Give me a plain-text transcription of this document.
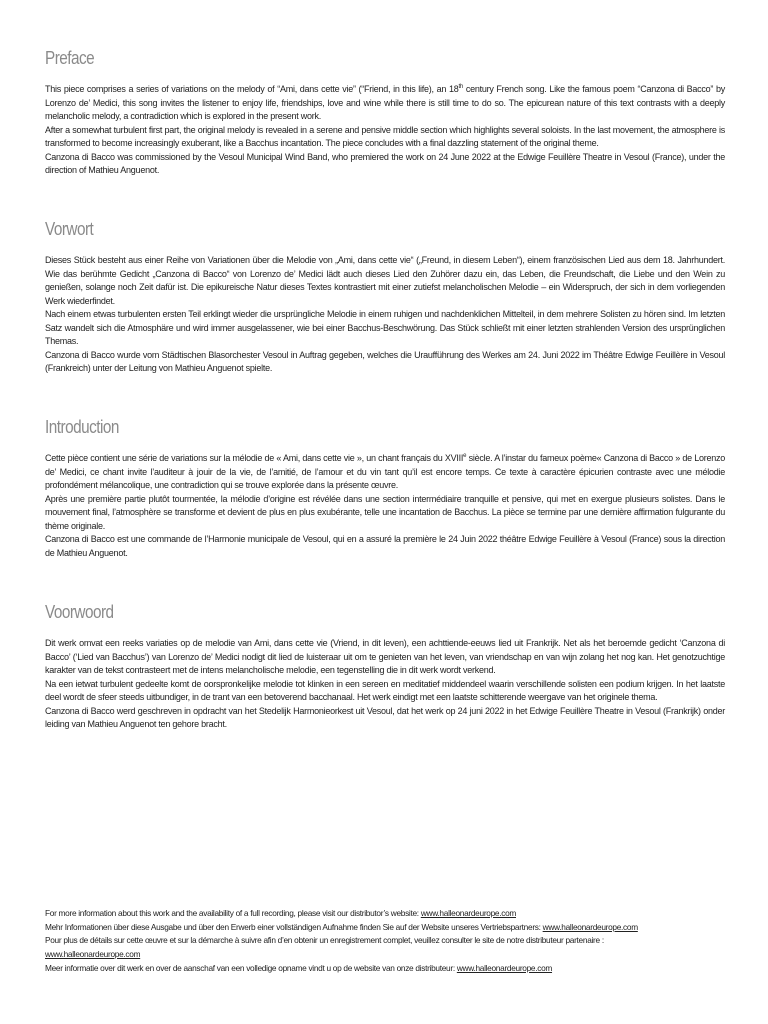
Preface

This piece comprises a series of variations on the melody of “Ami, dans cette vie” (“Friend, in this life), an 18th century French song. Like the famous poem “Canzona di Bacco” by Lorenzo de’ Medici, this song invites the listener to enjoy life, friendships, love and wine while there is still time to do so. The epicurean nature of this text contrasts with a deeply melancholic melody, a contradiction which is explored in the present work.

After a somewhat turbulent first part, the original melody is revealed in a serene and pensive middle section which highlights several soloists. In the last movement, the atmosphere is transformed to become increasingly exuberant, like a Bacchus incantation. The piece concludes with a final dazzling statement of the original theme.

Canzona di Bacco was commissioned by the Vesoul Municipal Wind Band, who premiered the work on 24 June 2022 at the Edwige Feuillère Theatre in Vesoul (France), under the direction of Mathieu Anguenot.

Vorwort

Dieses Stück besteht aus einer Reihe von Variationen über die Melodie von „Ami, dans cette vie“ („Freund, in diesem Leben“), einem französischen Lied aus dem 18. Jahrhundert. Wie das berühmte Gedicht „Canzona di Bacco“ von Lorenzo de’ Medici lädt auch dieses Lied den Zuhörer dazu ein, das Leben, die Freundschaft, die Liebe und den Wein zu genießen, solange noch Zeit dafür ist. Die epikureische Natur dieses Textes kontrastiert mit einer zutiefst melancholischen Melodie – ein Widerspruch, der sich in dem vorliegenden Werk wiederfindet.

Nach einem etwas turbulenten ersten Teil erklingt wieder die ursprüngliche Melodie in einem ruhigen und nachdenklichen Mittelteil, in dem mehrere Solisten zu hören sind. Im letzten Satz wandelt sich die Atmosphäre und wird immer ausgelassener, wie bei einer Bacchus-Beschwörung. Das Stück schließt mit einer letzten strahlenden Version des ursprünglichen Themas.

Canzona di Bacco wurde vom Städtischen Blasorchester Vesoul in Auftrag gegeben, welches die Uraufführung des Werkes am 24. Juni 2022 im Théâtre Edwige Feuillère in Vesoul (Frankreich) unter der Leitung von Mathieu Anguenot spielte.

Introduction

Cette pièce contient une série de variations sur la mélodie de « Ami, dans cette vie », un chant français du XVIIIe siècle. A l’instar du fameux poème« Canzona di Bacco » de Lorenzo de’ Medici, ce chant invite l’auditeur à jouir de la vie, de l’amitié, de l’amour et du vin tant qu’il est encore temps. Ce texte à caractère épicurien contraste avec une mélodie profondément mélancolique, une contradiction qui se trouve explorée dans la présente œuvre.

Après une première partie plutôt tourmentée, la mélodie d’origine est révélée dans une section intermédiaire tranquille et pensive, qui met en exergue plusieurs solistes. Dans le mouvement final, l’atmosphère se transforme et devient de plus en plus exubérante, telle une incantation de Bacchus. La pièce se termine par une dernière affirmation fulgurante du thème originale.

Canzona di Bacco est une commande de l’Harmonie municipale de Vesoul, qui en a assuré la première le 24 Juin 2022 théâtre Edwige Feuillère à Vesoul (France) sous la direction de Mathieu Anguenot.

Voorwoord

Dit werk omvat een reeks variaties op de melodie van Ami, dans cette vie (Vriend, in dit leven), een achttiende-eeuws lied uit Frankrijk. Net als het beroemde gedicht ‘Canzona di Bacco’ (‘Lied van Bacchus’) van Lorenzo de’ Medici nodigt dit lied de luisteraar uit om te genieten van het leven, van vriendschap en van wijn zolang het nog kan. Het genotzuchtige karakter van de tekst contrasteert met de intens melancholische melodie, een tegenstelling die in dit werk wordt verkend.

Na een ietwat turbulent gedeelte komt de oorspronkelijke melodie tot klinken in een sereen en meditatief middendeel waarin verschillende solisten een podium krijgen. In het laatste deel wordt de sfeer steeds uitbundiger, in de trant van een betoverend bacchanaal. Het werk eindigt met een laatste schitterende weergave van het originele thema.

Canzona di Bacco werd geschreven in opdracht van het Stedelijk Harmonieorkest uit Vesoul, dat het werk op 24 juni 2022 in het Edwige Feuillère Theatre in Vesoul (Frankrijk) onder leiding van Mathieu Anguenot ten gehore bracht.

For more information about this work and the availability of a full recording, please visit our distributor’s website: www.halleonardeurope.com

Mehr Informationen über diese Ausgabe und über den Erwerb einer vollständigen Aufnahme finden Sie auf der Website unseres Vertriebspartners: www.halleonardeurope.com

Pour plus de détails sur cette œuvre et sur la démarche à suivre afin d’en obtenir un enregistrement complet, veuillez consulter le site de notre distributeur partenaire :
www.halleonardeurope.com

Meer informatie over dit werk en over de aanschaf van een volledige opname vindt u op de website van onze distributeur: www.halleonardeurope.com
